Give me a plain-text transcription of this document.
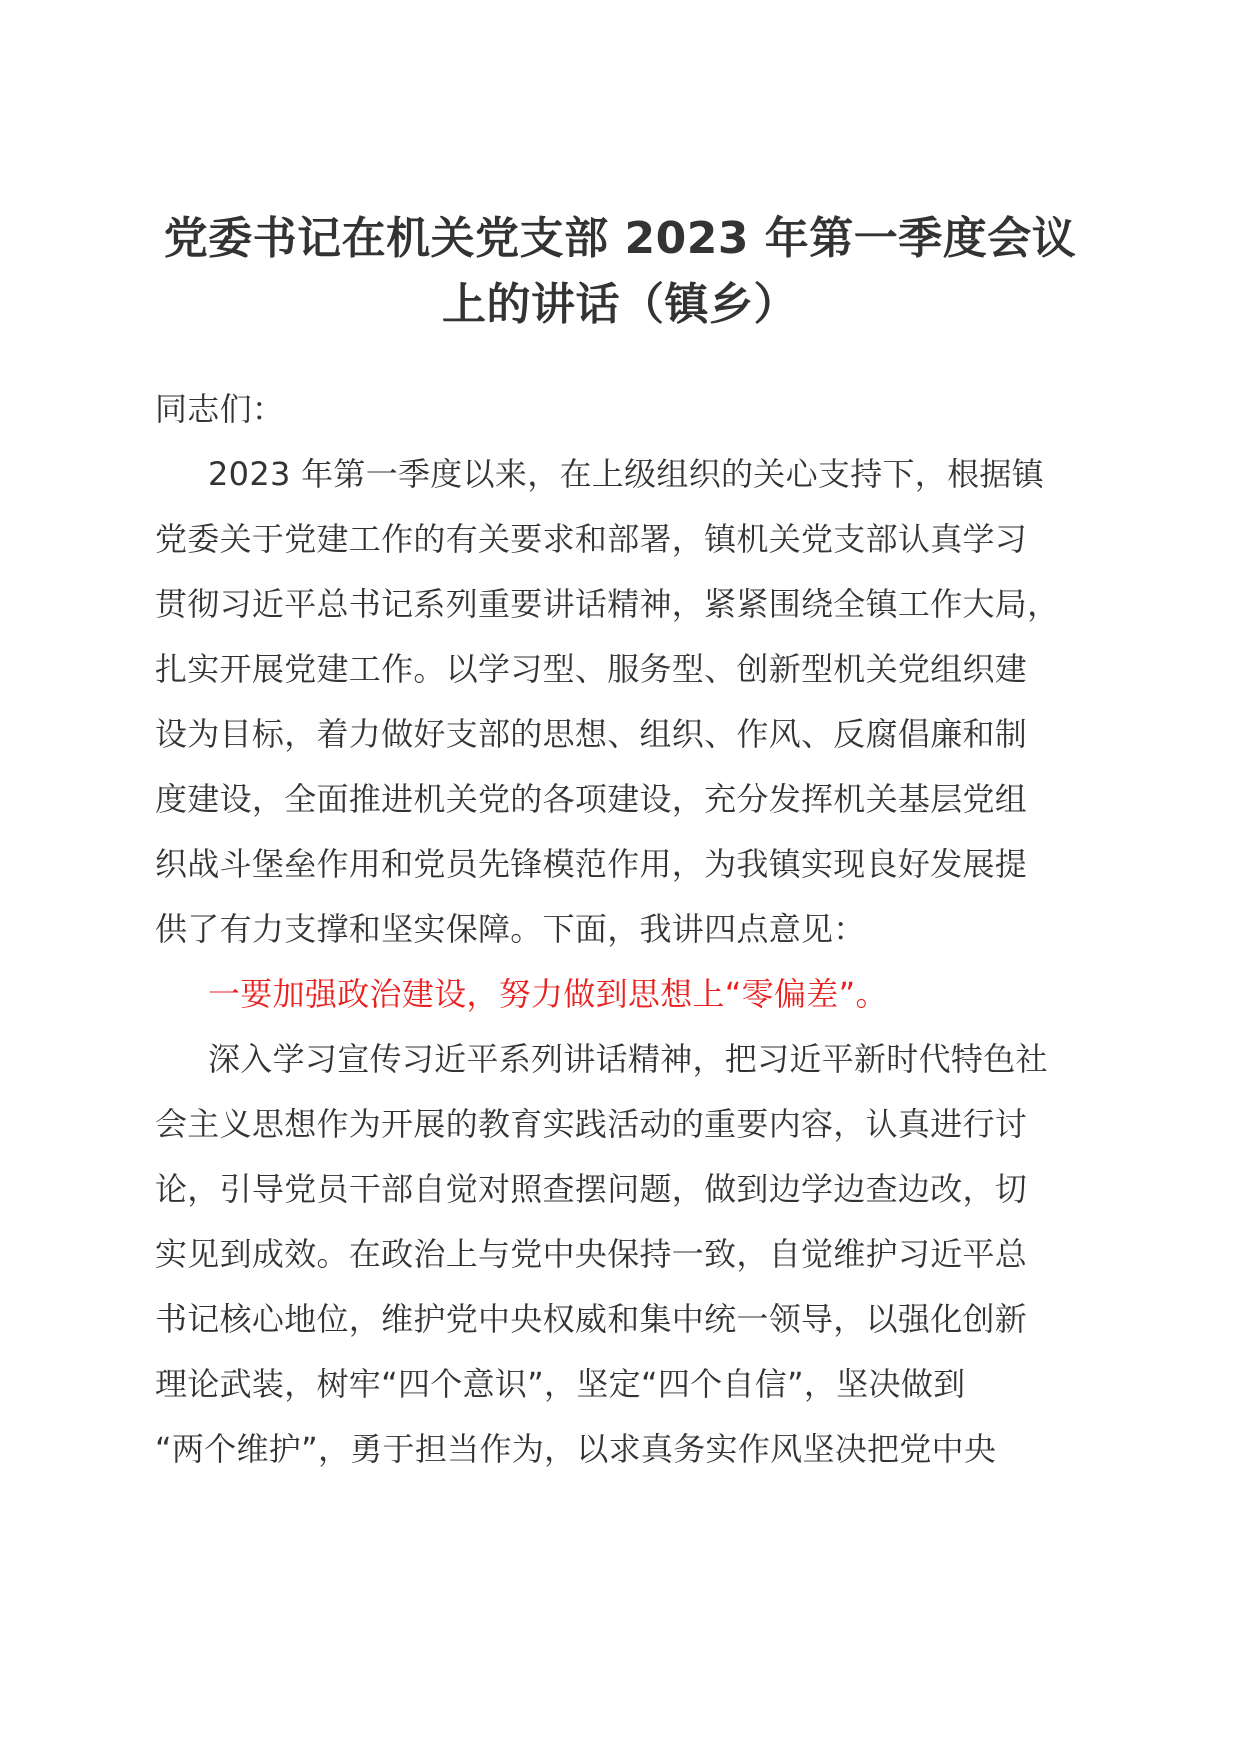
党委书记在机关党支部 2023 年第一季度会议
上的讲话（镇乡）

同志们：

2023 年第一季度以来，在上级组织的关心支持下，根据镇
党委关于党建工作的有关要求和部署，镇机关党支部认真学习
贯彻习近平总书记系列重要讲话精神，紧紧围绕全镇工作大局，
扎实开展党建工作。以学习型、服务型、创新型机关党组织建
设为目标，着力做好支部的思想、组织、作风、反腐倡廉和制
度建设，全面推进机关党的各项建设，充分发挥机关基层党组
织战斗堡垒作用和党员先锋模范作用，为我镇实现良好发展提
供了有力支撑和坚实保障。下面，我讲四点意见：

一要加强政治建设，努力做到思想上“零偏差”。

深入学习宣传习近平系列讲话精神，把习近平新时代特色社
会主义思想作为开展的教育实践活动的重要内容，认真进行讨
论，引导党员干部自觉对照查摆问题，做到边学边查边改，切
实见到成效。在政治上与党中央保持一致，自觉维护习近平总
书记核心地位，维护党中央权威和集中统一领导，以强化创新
理论武装，树牢“四个意识”，坚定“四个自信”，坚决做到
“两个维护”，勇于担当作为，以求真务实作风坚决把党中央
